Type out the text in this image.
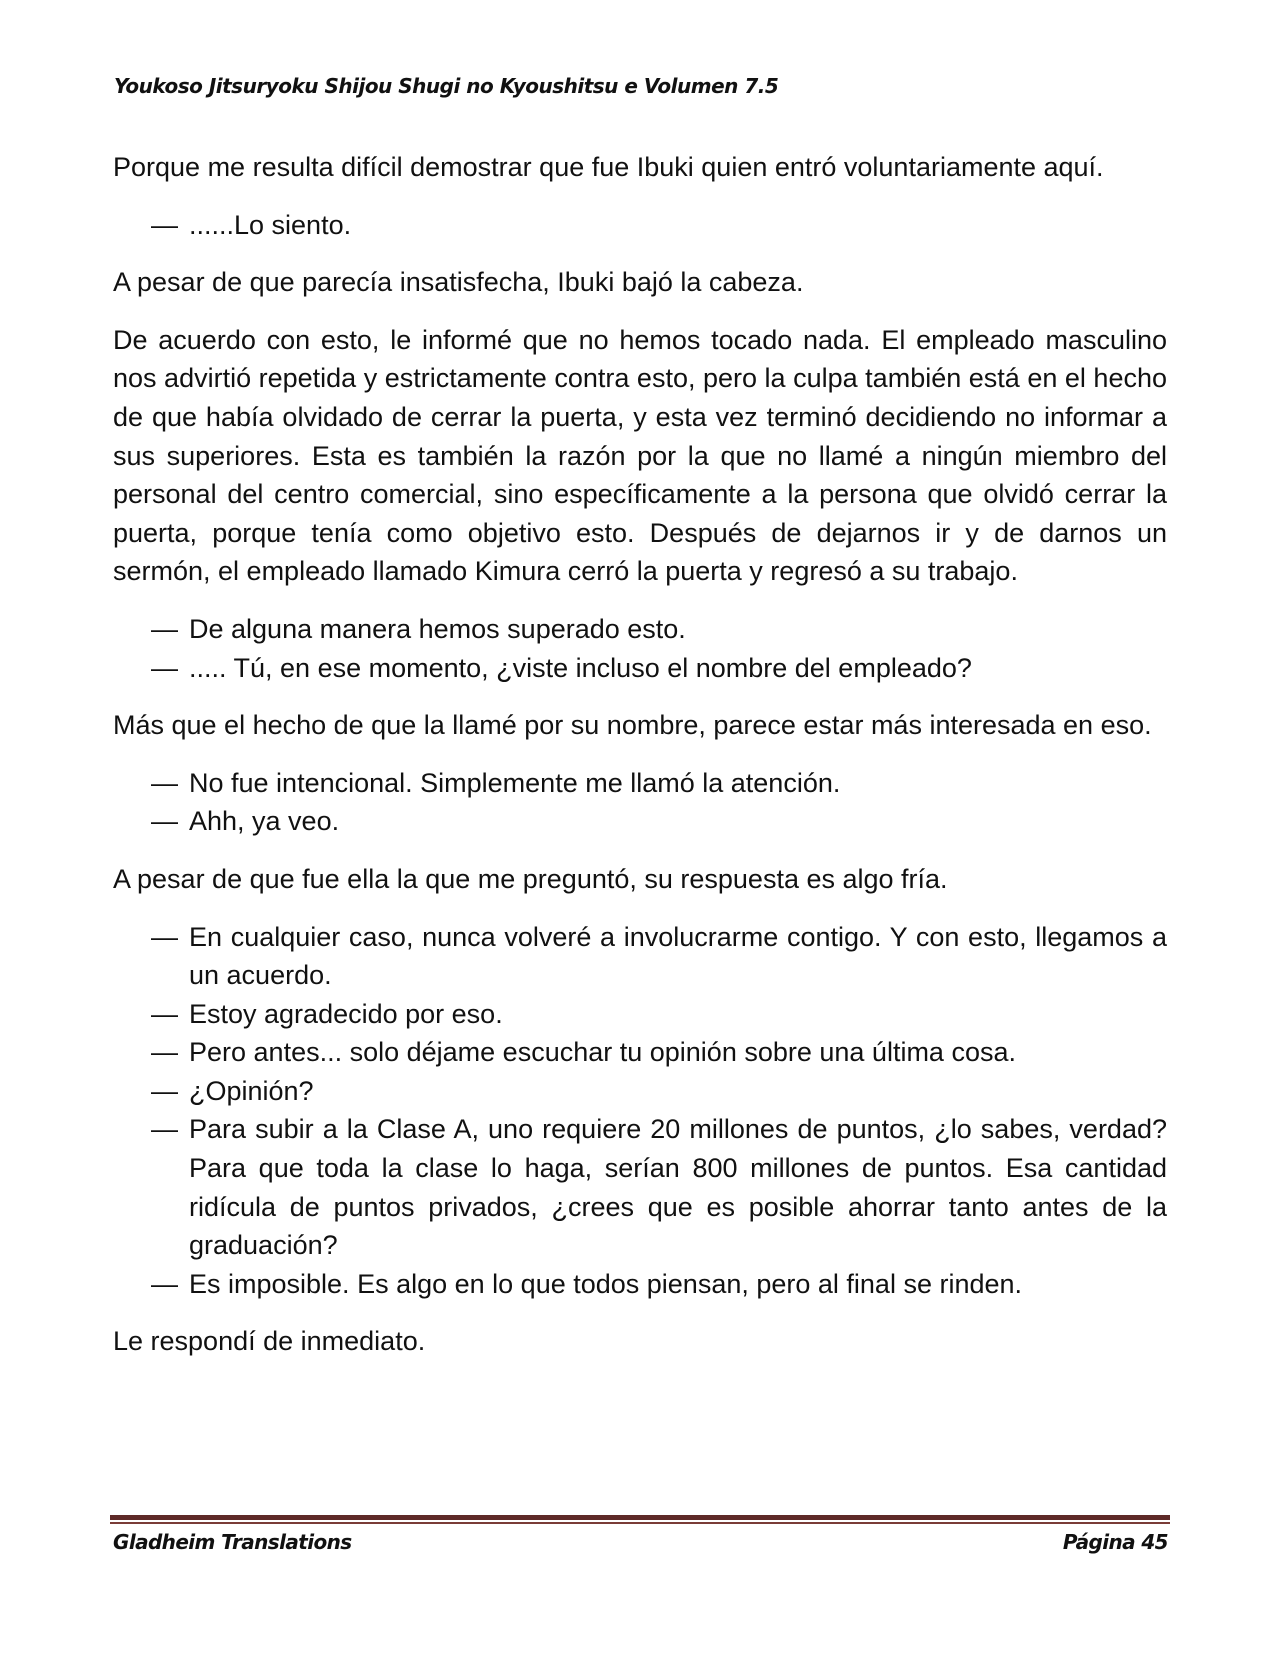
Youkoso Jitsuryoku Shijou Shugi no Kyoushitsu e Volumen 7.5

Porque me resulta difícil demostrar que fue Ibuki quien entró voluntariamente aquí.

— ......Lo siento.

A pesar de que parecía insatisfecha, Ibuki bajó la cabeza.

De acuerdo con esto, le informé que no hemos tocado nada. El empleado masculino nos advirtió repetida y estrictamente contra esto, pero la culpa también está en el hecho de que había olvidado de cerrar la puerta, y esta vez terminó decidiendo no informar a sus superiores. Esta es también la razón por la que no llamé a ningún miembro del personal del centro comercial, sino específicamente a la persona que olvidó cerrar la puerta, porque tenía como objetivo esto. Después de dejarnos ir y de darnos un sermón, el empleado llamado Kimura cerró la puerta y regresó a su trabajo.

— De alguna manera hemos superado esto.
— ..... Tú, en ese momento, ¿viste incluso el nombre del empleado?

Más que el hecho de que la llamé por su nombre, parece estar más interesada en eso.

— No fue intencional. Simplemente me llamó la atención.
— Ahh, ya veo.

A pesar de que fue ella la que me preguntó, su respuesta es algo fría.

— En cualquier caso, nunca volveré a involucrarme contigo. Y con esto, llegamos a un acuerdo.
— Estoy agradecido por eso.
— Pero antes... solo déjame escuchar tu opinión sobre una última cosa.
— ¿Opinión?
— Para subir a la Clase A, uno requiere 20 millones de puntos, ¿lo sabes, verdad? Para que toda la clase lo haga, serían 800 millones de puntos. Esa cantidad ridícula de puntos privados, ¿crees que es posible ahorrar tanto antes de la graduación?
— Es imposible. Es algo en lo que todos piensan, pero al final se rinden.

Le respondí de inmediato.

Gladheim Translations	Página 45
